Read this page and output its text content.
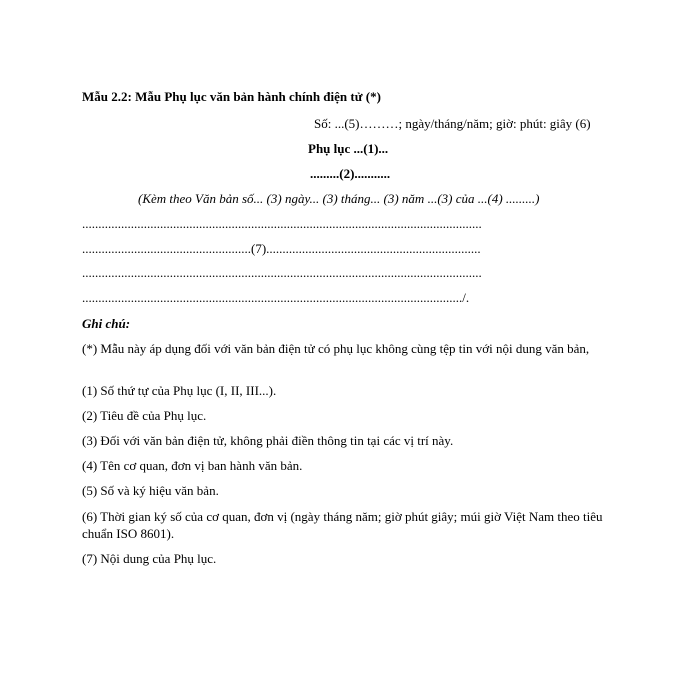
Mẫu 2.2: Mẫu Phụ lục văn bản hành chính điện tử (*)
Số: ...(5)………; ngày/tháng/năm; giờ: phút: giây (6)
Phụ lục ...(1)...
.........(2)...........
(Kèm theo Văn bản số... (3) ngày... (3) tháng... (3) năm ...(3) của ...(4) .........)
...........................................................................................................................
....................................................(7)..................................................................
...........................................................................................................................
...................................................................................................................../.
Ghi chú:
(*) Mẫu này áp dụng đối với văn bản điện tử có phụ lục không cùng tệp tin với nội dung văn bản,
(1) Số thứ tự của Phụ lục (I, II, III...).
(2) Tiêu đề của Phụ lục.
(3) Đối với văn bản điện tử, không phải điền thông tin tại các vị trí này.
(4) Tên cơ quan, đơn vị ban hành văn bản.
(5) Số và ký hiệu văn bản.
(6) Thời gian ký số của cơ quan, đơn vị (ngày tháng năm; giờ phút giây; múi giờ Việt Nam theo tiêu chuẩn ISO 8601).
(7) Nội dung của Phụ lục.
